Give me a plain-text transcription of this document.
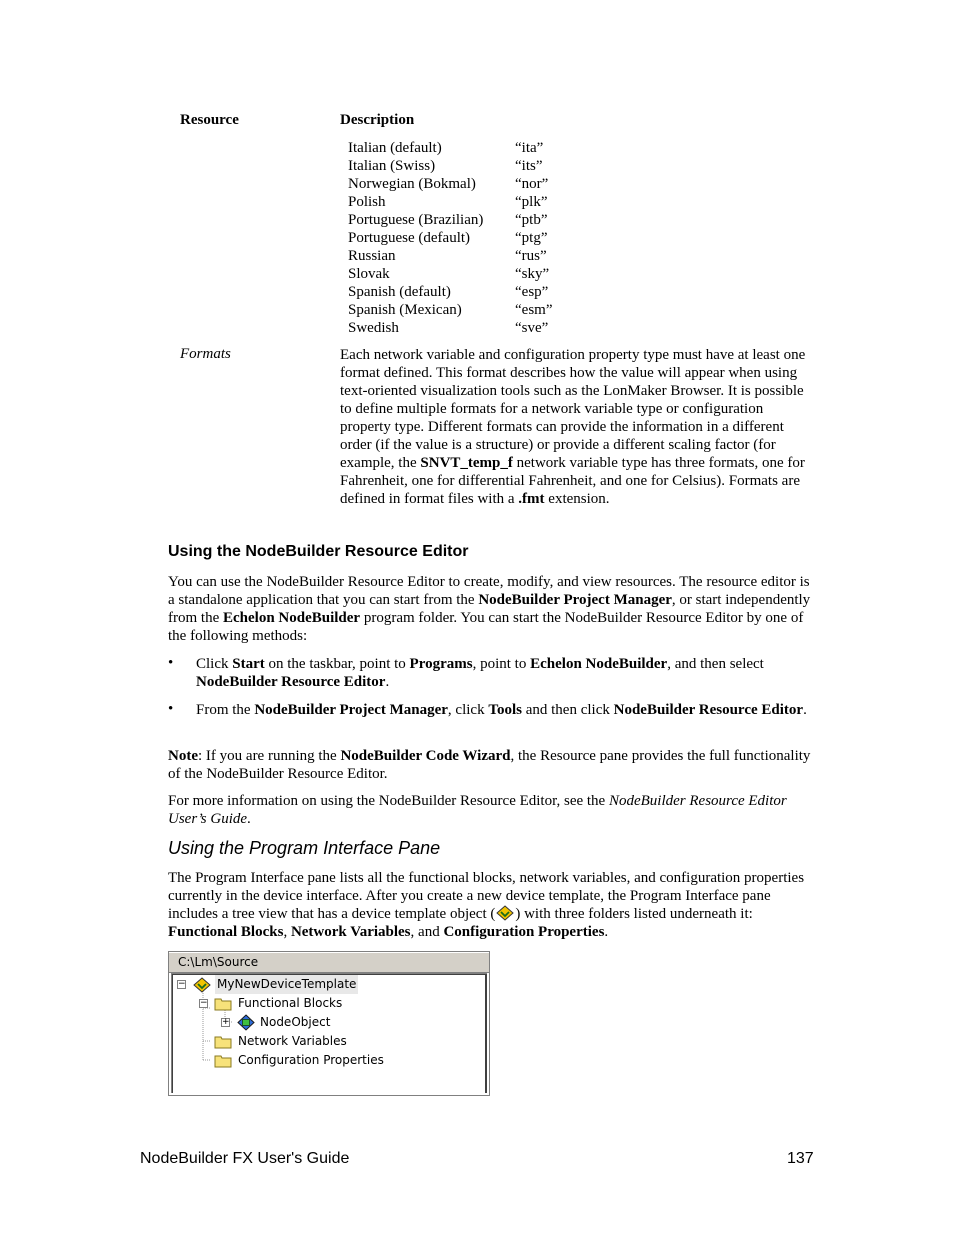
Resource	Description
Italian (default)	“ita”
Italian (Swiss)	“its”
Norwegian (Bokmal)	“nor”
Polish	“plk”
Portuguese (Brazilian) “ptb”
Portuguese (default)	“ptg”
Russian	“rus”
Slovak	“sky”
Spanish (default)	“esp”
Spanish (Mexican)	“esm”
Swedish	“sve”
Formats	Each network variable and configuration property type must have at least one format defined. This format describes how the value will appear when using text-oriented visualization tools such as the LonMaker Browser. It is possible to define multiple formats for a network variable type or configuration property type. Different formats can provide the information in a different order (if the value is a structure) or provide a different scaling factor (for example, the SNVT_temp_f network variable type has three formats, one for Fahrenheit, one for differential Fahrenheit, and one for Celsius). Formats are defined in format files with a .fmt extension.
Using the NodeBuilder Resource Editor
You can use the NodeBuilder Resource Editor to create, modify, and view resources. The resource editor is a standalone application that you can start from the NodeBuilder Project Manager, or start independently from the Echelon NodeBuilder program folder. You can start the NodeBuilder Resource Editor by one of the following methods:
• Click Start on the taskbar, point to Programs, point to Echelon NodeBuilder, and then select NodeBuilder Resource Editor.
• From the NodeBuilder Project Manager, click Tools and then click NodeBuilder Resource Editor.
Note: If you are running the NodeBuilder Code Wizard, the Resource pane provides the full functionality of the NodeBuilder Resource Editor.
For more information on using the NodeBuilder Resource Editor, see the NodeBuilder Resource Editor User’s Guide.
Using the Program Interface Pane
The Program Interface pane lists all the functional blocks, network variables, and configuration properties currently in the device interface. After you create a new device template, the Program Interface pane includes a tree view that has a device template object ( ) with three folders listed underneath it: Functional Blocks, Network Variables, and Configuration Properties.
C:\Lm\Source
−	MyNewDeviceTemplate
−	Functional Blocks
+	NodeObject
Network Variables
Configuration Properties
NodeBuilder FX User's Guide	137
